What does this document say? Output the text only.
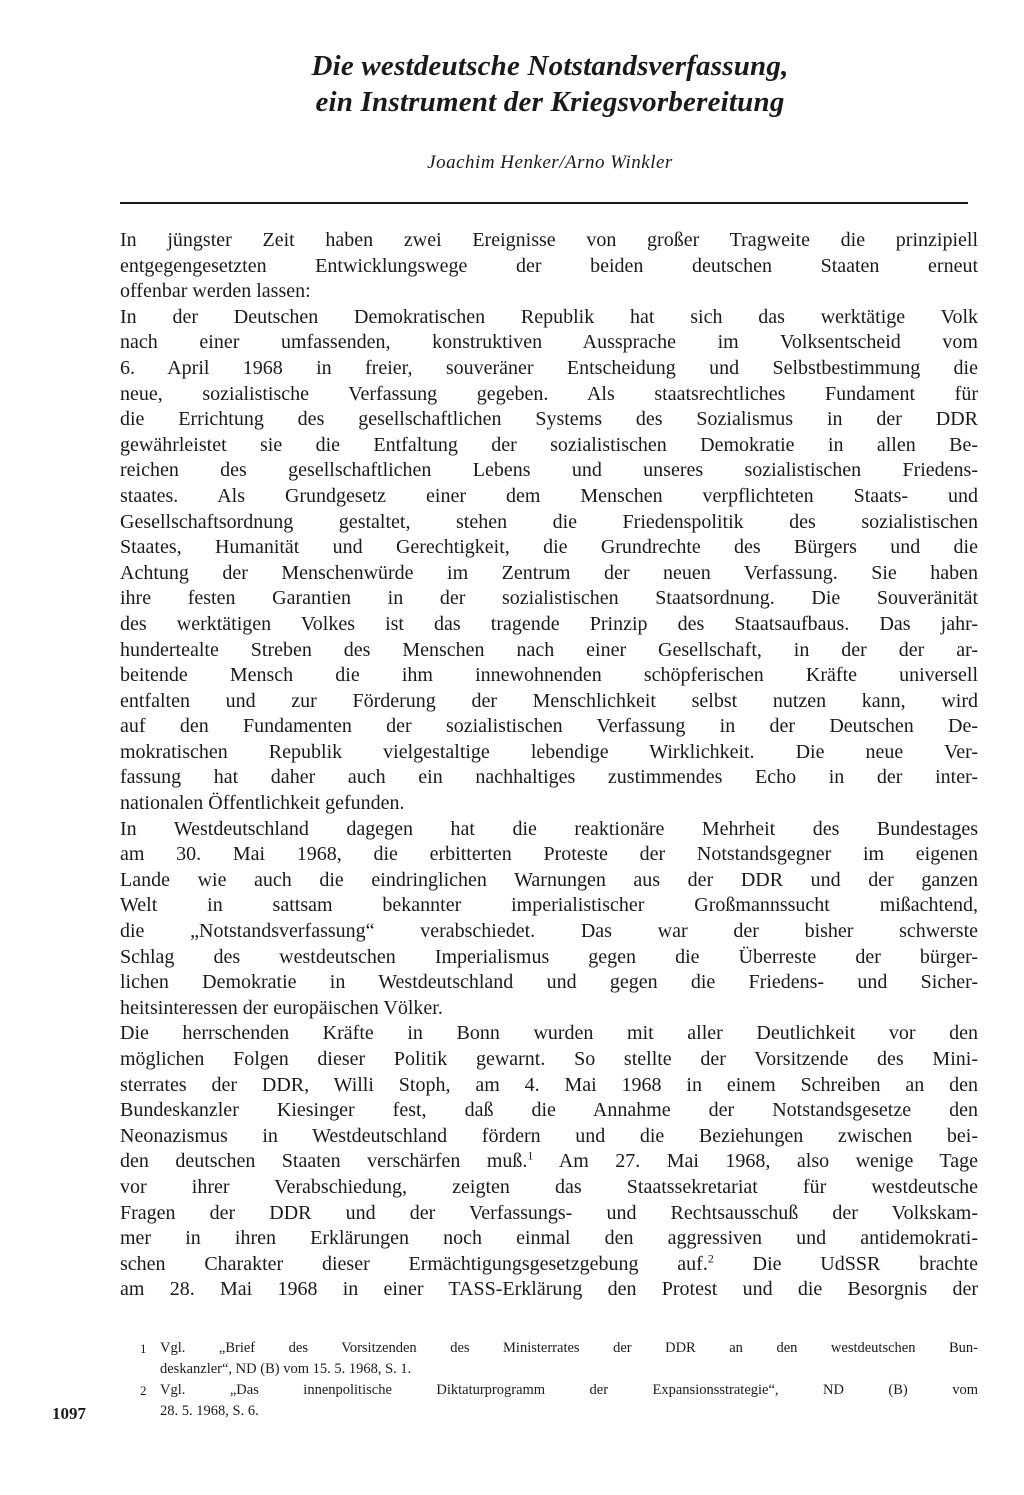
Die westdeutsche Notstandsverfassung,
ein Instrument der Kriegsvorbereitung

Joachim Henker/Arno Winkler

In jüngster Zeit haben zwei Ereignisse von großer Tragweite die prinzipiell

entgegengesetzten Entwicklungswege der beiden deutschen Staaten erneut

offenbar werden lassen:

In der Deutschen Demokratischen Republik hat sich das werktätige Volk

nach einer umfassenden, konstruktiven Aussprache im Volksentscheid vom

6. April 1968 in freier, souveräner Entscheidung und Selbstbestimmung die

neue, sozialistische Verfassung gegeben. Als staatsrechtliches Fundament für

die Errichtung des gesellschaftlichen Systems des Sozialismus in der DDR

gewährleistet sie die Entfaltung der sozialistischen Demokratie in allen Be-

reichen des gesellschaftlichen Lebens und unseres sozialistischen Friedens-

staates. Als Grundgesetz einer dem Menschen verpflichteten Staats- und

Gesellschaftsordnung gestaltet, stehen die Friedenspolitik des sozialistischen

Staates, Humanität und Gerechtigkeit, die Grundrechte des Bürgers und die

Achtung der Menschenwürde im Zentrum der neuen Verfassung. Sie haben

ihre festen Garantien in der sozialistischen Staatsordnung. Die Souveränität

des werktätigen Volkes ist das tragende Prinzip des Staatsaufbaus. Das jahr-

hundertealte Streben des Menschen nach einer Gesellschaft, in der der ar-

beitende Mensch die ihm innewohnenden schöpferischen Kräfte universell

entfalten und zur Förderung der Menschlichkeit selbst nutzen kann, wird

auf den Fundamenten der sozialistischen Verfassung in der Deutschen De-

mokratischen Republik vielgestaltige lebendige Wirklichkeit. Die neue Ver-

fassung hat daher auch ein nachhaltiges zustimmendes Echo in der inter-

nationalen Öffentlichkeit gefunden.

In Westdeutschland dagegen hat die reaktionäre Mehrheit des Bundestages

am 30. Mai 1968, die erbitterten Proteste der Notstandsgegner im eigenen

Lande wie auch die eindringlichen Warnungen aus der DDR und der ganzen

Welt in sattsam bekannter imperialistischer Großmannssucht mißachtend,

die „Notstandsverfassung“ verabschiedet. Das war der bisher schwerste

Schlag des westdeutschen Imperialismus gegen die Überreste der bürger-

lichen Demokratie in Westdeutschland und gegen die Friedens- und Sicher-

heitsinteressen der europäischen Völker.

Die herrschenden Kräfte in Bonn wurden mit aller Deutlichkeit vor den

möglichen Folgen dieser Politik gewarnt. So stellte der Vorsitzende des Mini-

sterrates der DDR, Willi Stoph, am 4. Mai 1968 in einem Schreiben an den

Bundeskanzler Kiesinger fest, daß die Annahme der Notstandsgesetze den

Neonazismus in Westdeutschland fördern und die Beziehungen zwischen bei-

den deutschen Staaten verschärfen muß.$^1$ Am 27. Mai 1968, also wenige Tage

vor ihrer Verabschiedung, zeigten das Staatssekretariat für westdeutsche

Fragen der DDR und der Verfassungs- und Rechtsausschuß der Volkskam-

mer in ihren Erklärungen noch einmal den aggressiven und antidemokrati-

schen Charakter dieser Ermächtigungsgesetzgebung auf.$^2$ Die UdSSR brachte

am 28. Mai 1968 in einer TASS-Erklärung den Protest und die Besorgnis der

1 Vgl. „Brief des Vorsitzenden des Ministerrates der DDR an den westdeutschen Bun-
deskanzler“, ND (B) vom 15. 5. 1968, S. 1.
2 Vgl. „Das innenpolitische Diktaturprogramm der Expansionsstrategie“, ND (B) vom
28. 5. 1968, S. 6.
1097
